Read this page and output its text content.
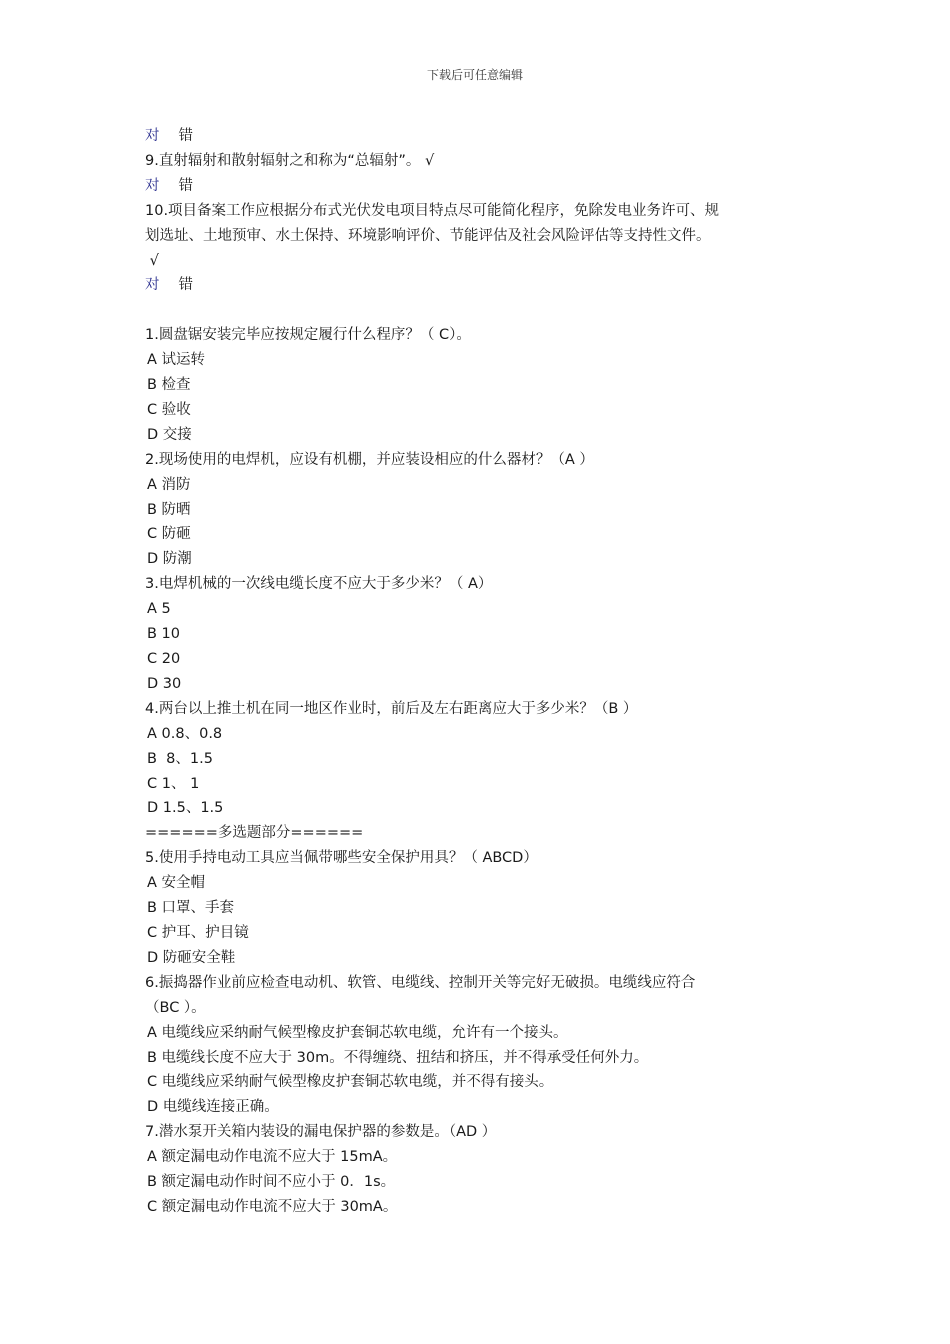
下载后可任意编辑
对 错
9.直射辐射和散射辐射之和称为“总辐射”。 √
对 错
10.项目备案工作应根据分布式光伏发电项目特点尽可能简化程序，免除发电业务许可、规
划选址、土地预审、水土保持、环境影响评价、节能评估及社会风险评估等支持性文件。
√
对 错
1.圆盘锯安装完毕应按规定履行什么程序？（ C）。
A 试运转
B 检查
C 验收
D 交接
2.现场使用的电焊机，应设有机棚，并应装设相应的什么器材？（A ）
A 消防
B 防晒
C 防砸
D 防潮
3.电焊机械的一次线电缆长度不应大于多少米？（ A）
A 5
B 10
C 20
D 30
4.两台以上推土机在同一地区作业时，前后及左右距离应大于多少米？（B ）
A 0.8、0.8
B  8、1.5
C 1、 1
D 1.5、1.5
======多选题部分======
5.使用手持电动工具应当佩带哪些安全保护用具？（ ABCD）
A 安全帽
B 口罩、手套
C 护耳、护目镜
D 防砸安全鞋
6.振捣器作业前应检查电动机、软管、电缆线、控制开关等完好无破损。电缆线应符合
（BC ）。
A 电缆线应采纳耐气候型橡皮护套铜芯软电缆，允许有一个接头。
B 电缆线长度不应大于 30m。不得缠绕、扭结和挤压，并不得承受任何外力。
C 电缆线应采纳耐气候型橡皮护套铜芯软电缆，并不得有接头。
D 电缆线连接正确。
7.潜水泵开关箱内装设的漏电保护器的参数是。（AD ）
A 额定漏电动作电流不应大于 15mA。
B 额定漏电动作时间不应小于 0．1s。
C 额定漏电动作电流不应大于 30mA。
